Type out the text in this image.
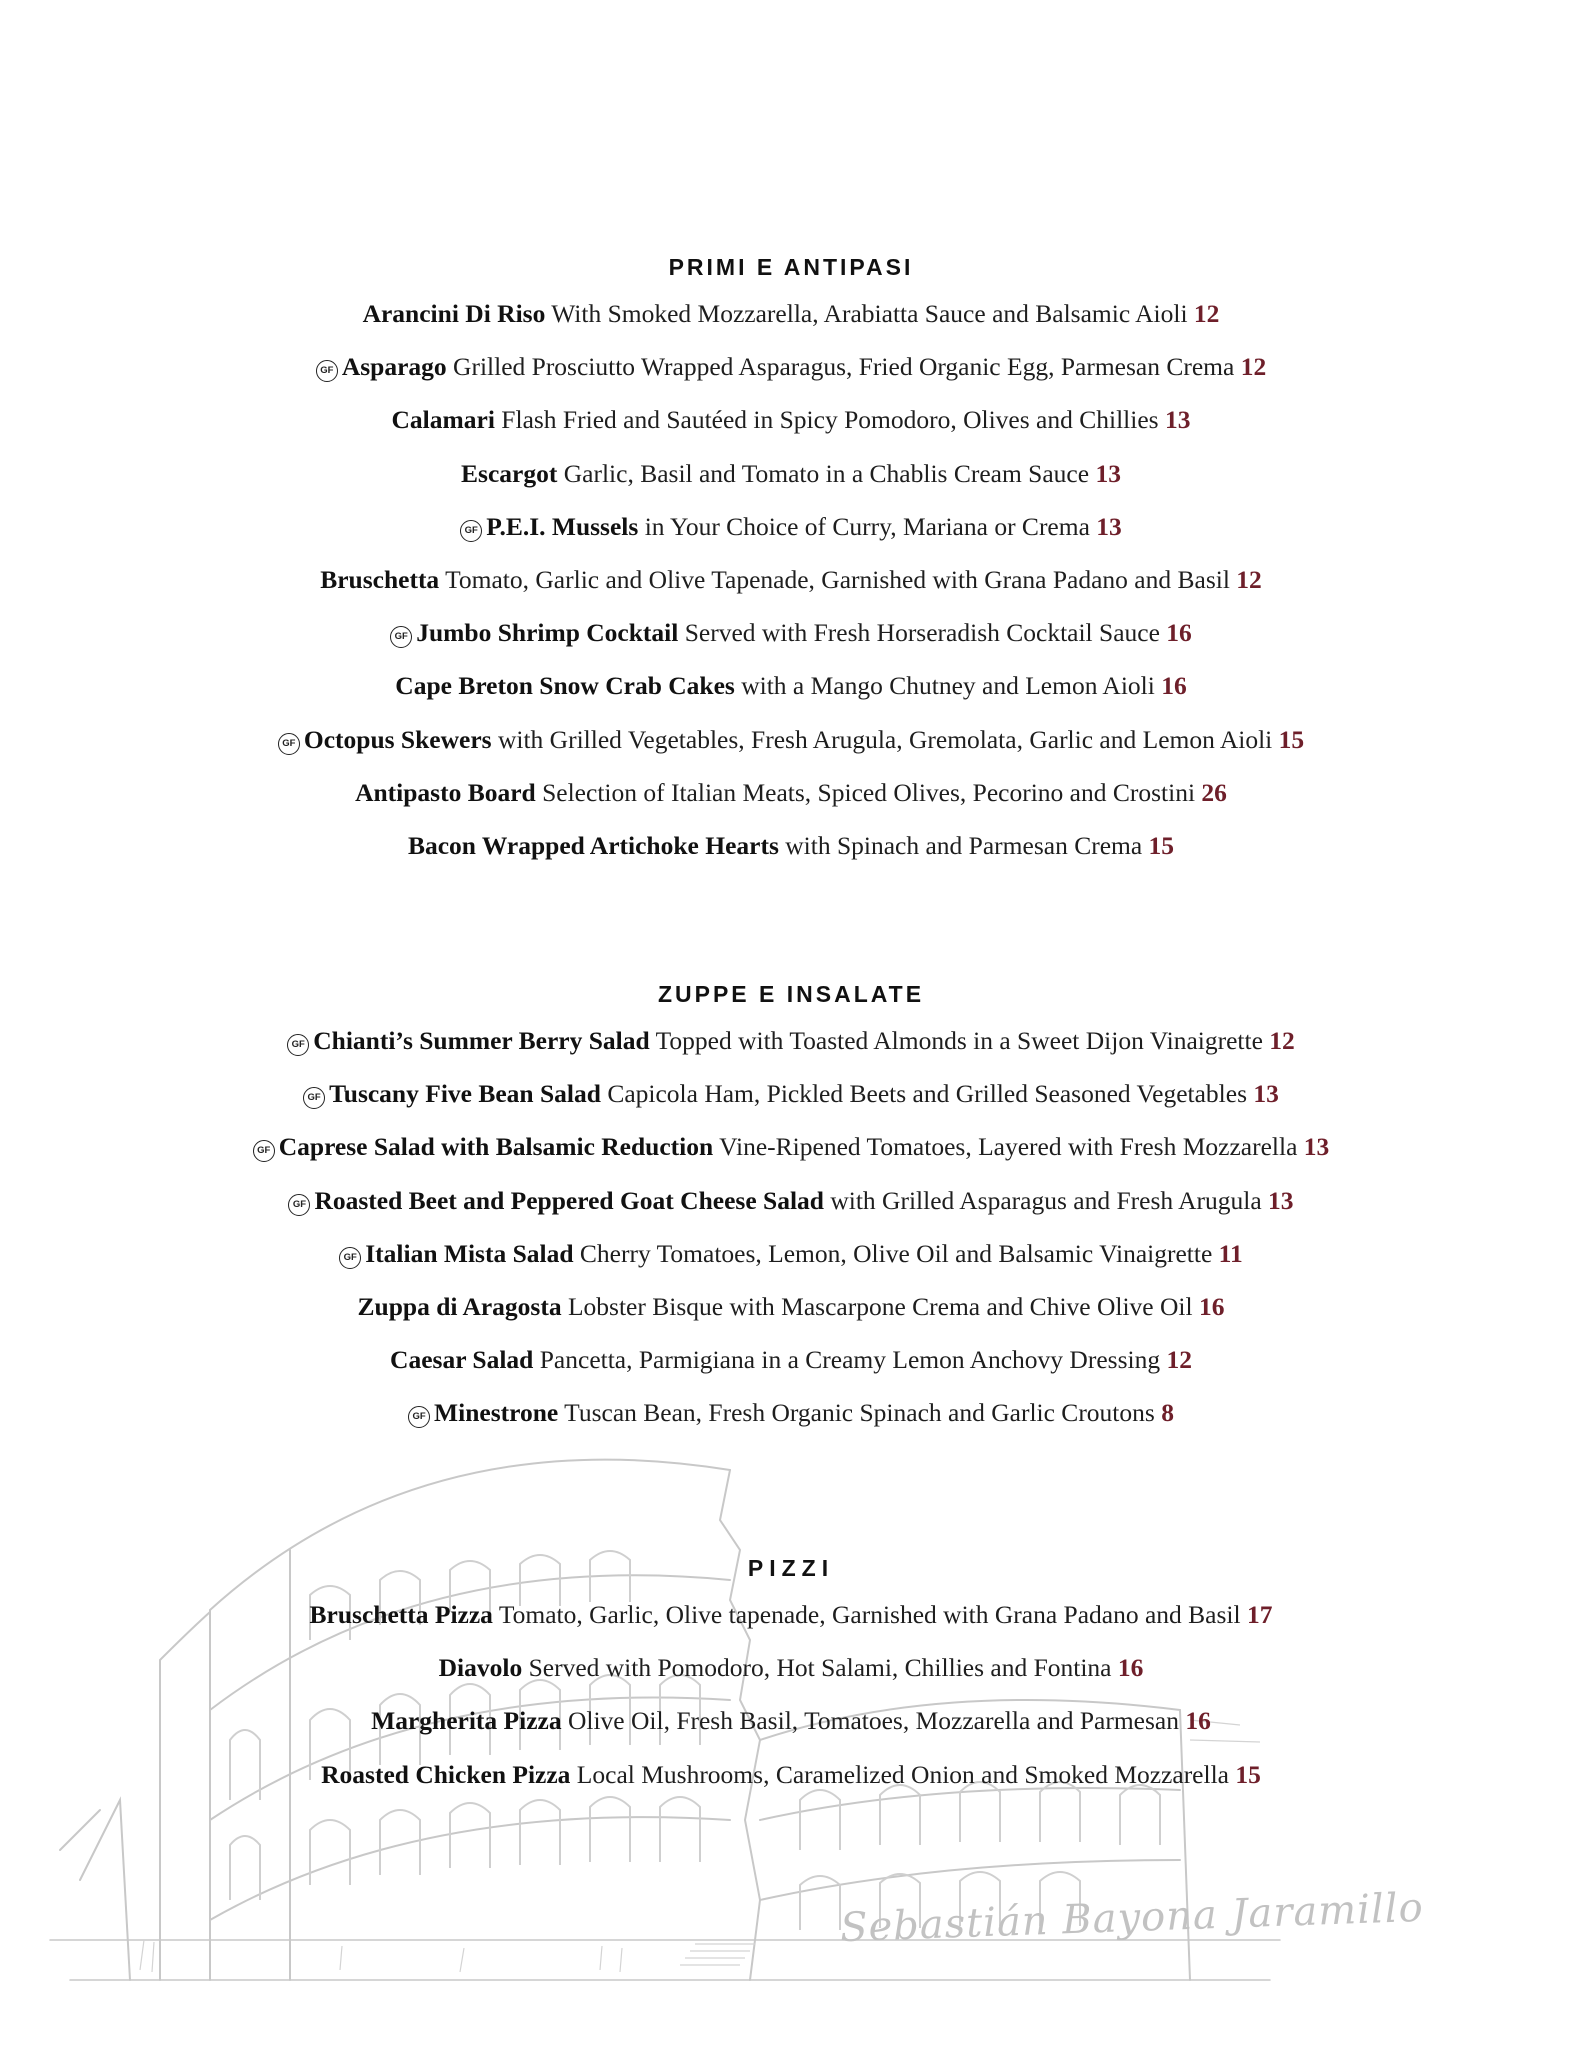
Sebastián Bayona Jaramillo
PRIMI E ANTIPASI
Arancini Di Riso With Smoked Mozzarella, Arabiatta Sauce and Balsamic Aioli 12
GF Asparago Grilled Prosciutto Wrapped Asparagus, Fried Organic Egg, Parmesan Crema 12
Calamari Flash Fried and Sautéed in Spicy Pomodoro, Olives and Chillies 13
Escargot Garlic, Basil and Tomato in a Chablis Cream Sauce 13
GF P.E.I. Mussels in Your Choice of Curry, Mariana or Crema 13
Bruschetta Tomato, Garlic and Olive Tapenade, Garnished with Grana Padano and Basil 12
GF Jumbo Shrimp Cocktail Served with Fresh Horseradish Cocktail Sauce 16
Cape Breton Snow Crab Cakes with a Mango Chutney and Lemon Aioli 16
GF Octopus Skewers with Grilled Vegetables, Fresh Arugula, Gremolata, Garlic and Lemon Aioli 15
Antipasto Board Selection of Italian Meats, Spiced Olives, Pecorino and Crostini 26
Bacon Wrapped Artichoke Hearts with Spinach and Parmesan Crema 15
ZUPPE E INSALATE
GF Chianti’s Summer Berry Salad Topped with Toasted Almonds in a Sweet Dijon Vinaigrette 12
GF Tuscany Five Bean Salad Capicola Ham, Pickled Beets and Grilled Seasoned Vegetables 13
GF Caprese Salad with Balsamic Reduction Vine-Ripened Tomatoes, Layered with Fresh Mozzarella 13
GF Roasted Beet and Peppered Goat Cheese Salad with Grilled Asparagus and Fresh Arugula 13
GF Italian Mista Salad Cherry Tomatoes, Lemon, Olive Oil and Balsamic Vinaigrette 11
Zuppa di Aragosta Lobster Bisque with Mascarpone Crema and Chive Olive Oil 16
Caesar Salad Pancetta, Parmigiana in a Creamy Lemon Anchovy Dressing 12
GF Minestrone Tuscan Bean, Fresh Organic Spinach and Garlic Croutons 8
PIZZI
Bruschetta Pizza Tomato, Garlic, Olive tapenade, Garnished with Grana Padano and Basil 17
Diavolo Served with Pomodoro, Hot Salami, Chillies and Fontina 16
Margherita Pizza Olive Oil, Fresh Basil, Tomatoes, Mozzarella and Parmesan 16
Roasted Chicken Pizza Local Mushrooms, Caramelized Onion and Smoked Mozzarella 15
